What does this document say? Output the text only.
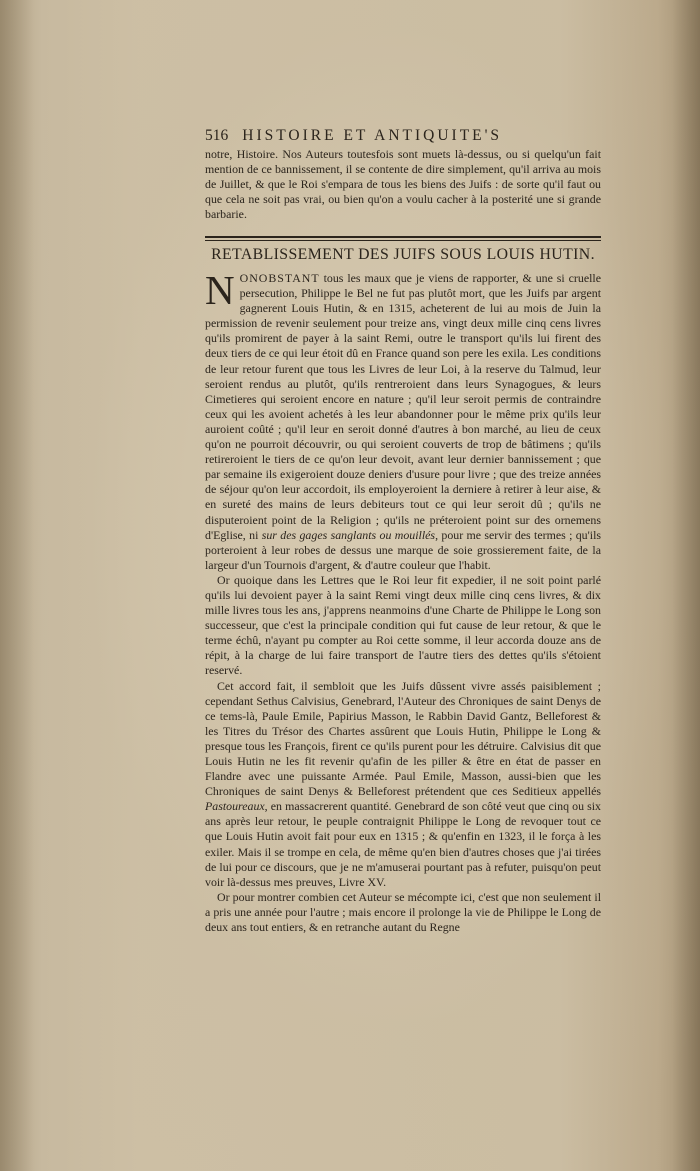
516 HISTOIRE ET ANTIQUITE'S
notre, Histoire. Nos Auteurs toutesfois sont muets là-dessus, ou si quelqu'un fait mention de ce bannissement, il se contente de dire simplement, qu'il arriva au mois de Juillet, & que le Roi s'empara de tous les biens des Juifs : de sorte qu'il faut ou que cela ne soit pas vrai, ou bien qu'on a voulu cacher à la posterité une si grande barbarie.
RETABLISSEMENT DES JUIFS SOUS LOUIS HUTIN.

NONOBSTANT tous les maux que je viens de rapporter, & une si cruelle persecution, Philippe le Bel ne fut pas plutôt mort, que les Juifs par argent gagnerent Louis Hutin, & en 1315, acheterent de lui au mois de Juin la permission de revenir seulement pour treize ans, vingt deux mille cinq cens livres qu'ils promirent de payer à la saint Remi, outre le transport qu'ils lui firent des deux tiers de ce qui leur étoit dû en France quand son pere les exila. Les conditions de leur retour furent que tous les Livres de leur Loi, à la reserve du Talmud, leur seroient rendus au plutôt, qu'ils rentreroient dans leurs Synagogues, & leurs Cimetieres qui seroient encore en nature ; qu'il leur seroit permis de contraindre ceux qui les avoient achetés à les leur abandonner pour le même prix qu'ils leur auroient coûté ; qu'il leur en seroit donné d'autres à bon marché, au lieu de ceux qu'on ne pourroit découvrir, ou qui seroient couverts de trop de bâtimens ; qu'ils retireroient le tiers de ce qu'on leur devoit, avant leur dernier bannissement ; que par semaine ils exigeroient douze deniers d'usure pour livre ; que des treize années de séjour qu'on leur accordoit, ils employeroient la derniere à retirer à leur aise, & en sureté des mains de leurs debiteurs tout ce qui leur seroit dû ; qu'ils ne disputeroient point de la Religion ; qu'ils ne préteroient point sur des ornemens d'Eglise, ni sur des gages sanglants ou mouillés, pour me servir des termes ; qu'ils porteroient à leur robes de dessus une marque de soie grossierement faite, de la largeur d'un Tournois d'argent, & d'autre couleur que l'habit.

Or quoique dans les Lettres que le Roi leur fit expedier, il ne soit point parlé qu'ils lui devoient payer à la saint Remi vingt deux mille cinq cens livres, & dix mille livres tous les ans, j'apprens neanmoins d'une Charte de Philippe le Long son successeur, que c'est la principale condition qui fut cause de leur retour, & que le terme échû, n'ayant pu compter au Roi cette somme, il leur accorda douze ans de répit, à la charge de lui faire transport de l'autre tiers des dettes qu'ils s'étoient reservé.

Cet accord fait, il sembloit que les Juifs dûssent vivre assés paisiblement ; cependant Sethus Calvisius, Genebrard, l'Auteur des Chroniques de saint Denys de ce tems-là, Paule Emile, Papirius Masson, le Rabbin David Gantz, Belleforest & les Titres du Trésor des Chartes assûrent que Louis Hutin, Philippe le Long & presque tous les François, firent ce qu'ils purent pour les détruire. Calvisius dit que Louis Hutin ne les fit revenir qu'afin de les piller & être en état de passer en Flandre avec une puissante Armée. Paul Emile, Masson, aussi-bien que les Chroniques de saint Denys & Belleforest prétendent que ces Seditieux appellés Pastoureaux, en massacrerent quantité. Genebrard de son côté veut que cinq ou six ans après leur retour, le peuple contraignit Philippe le Long de revoquer tout ce que Louis Hutin avoit fait pour eux en 1315 ; & qu'enfin en 1323, il le força à les exiler. Mais il se trompe en cela, de même qu'en bien d'autres choses que j'ai tirées de lui pour ce discours, que je ne m'amuserai pourtant pas à refuter, puisqu'on peut voir là-dessus mes preuves, Livre XV.

Or pour montrer combien cet Auteur se mécompte ici, c'est que non seulement il a pris une année pour l'autre ; mais encore il prolonge la vie de Philippe le Long de deux ans tout entiers, & en retranche autant du Regne
